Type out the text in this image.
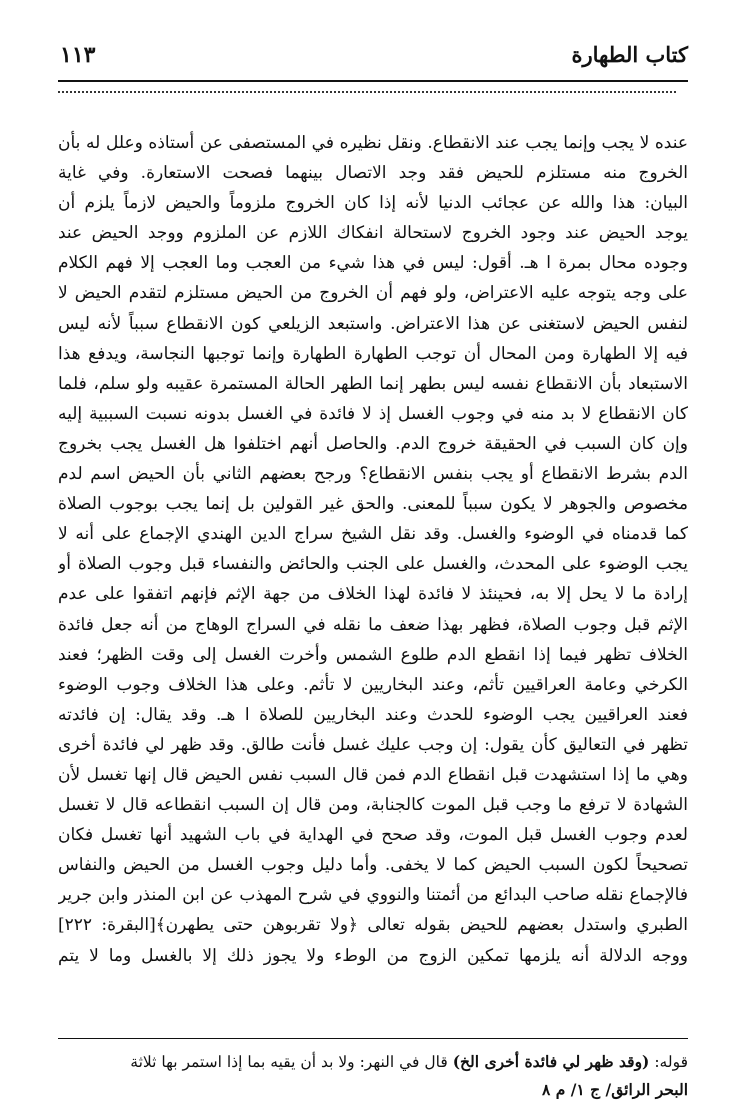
كتاب الطهارة
١١٣
عنده لا يجب وإنما يجب عند الانقطاع. ونقل نظيره في المستصفى عن أستاذه وعلل له بأن
الخروج منه مستلزم للحيض فقد وجد الاتصال بينهما فصحت الاستعارة. وفي غاية
البيان: هذا والله عن عجائب الدنيا لأنه إذا كان الخروج ملزوماً والحيض لازماً يلزم أن
يوجد الحيض عند وجود الخروج لاستحالة انفكاك اللازم عن الملزوم ووجد الحيض عند
وجوده محال بمرة ا هـ. أقول: ليس في هذا شيء من العجب وما العجب إلا فهم الكلام
على وجه يتوجه عليه الاعتراض، ولو فهم أن الخروج من الحيض مستلزم لتقدم الحيض لا
لنفس الحيض لاستغنى عن هذا الاعتراض. واستبعد الزيلعي كون الانقطاع سبباً لأنه ليس
فيه إلا الطهارة ومن المحال أن توجب الطهارة الطهارة وإنما توجبها النجاسة، ويدفع هذا
الاستبعاد بأن الانقطاع نفسه ليس بطهر إنما الطهر الحالة المستمرة عقيبه ولو سلم، فلما
كان الانقطاع لا بد منه في وجوب الغسل إذ لا فائدة في الغسل بدونه نسبت السببية إليه
وإن كان السبب في الحقيقة خروج الدم. والحاصل أنهم اختلفوا هل الغسل يجب بخروج
الدم بشرط الانقطاع أو يجب بنفس الانقطاع؟ ورجح بعضهم الثاني بأن الحيض اسم لدم
مخصوص والجوهر لا يكون سبباً للمعنى. والحق غير القولين بل إنما يجب بوجوب الصلاة
كما قدمناه في الوضوء والغسل. وقد نقل الشيخ سراج الدين الهندي الإجماع على أنه لا
يجب الوضوء على المحدث، والغسل على الجنب والحائض والنفساء قبل وجوب الصلاة أو
إرادة ما لا يحل إلا به، فحينئذ لا فائدة لهذا الخلاف من جهة الإثم فإنهم اتفقوا على عدم
الإثم قبل وجوب الصلاة، فظهر بهذا ضعف ما نقله في السراج الوهاج من أنه جعل فائدة
الخلاف تظهر فيما إذا انقطع الدم طلوع الشمس وأخرت الغسل إلى وقت الظهر؛ فعند
الكرخي وعامة العراقيين تأثم، وعند البخاريين لا تأثم. وعلى هذا الخلاف وجوب الوضوء
فعند العراقيين يجب الوضوء للحدث وعند البخاريين للصلاة ا هـ. وقد يقال: إن فائدته
تظهر في التعاليق كأن يقول: إن وجب عليك غسل فأنت طالق. وقد ظهر لي فائدة أخرى
وهي ما إذا استشهدت قبل انقطاع الدم فمن قال السبب نفس الحيض قال إنها تغسل لأن
الشهادة لا ترفع ما وجب قبل الموت كالجنابة، ومن قال إن السبب انقطاعه قال لا تغسل
لعدم وجوب الغسل قبل الموت، وقد صحح في الهداية في باب الشهيد أنها تغسل فكان
تصحيحاً لكون السبب الحيض كما لا يخفى. وأما دليل وجوب الغسل من الحيض والنفاس
فالإجماع نقله صاحب البدائع من أئمتنا والنووي في شرح المهذب عن ابن المنذر وابن جرير
الطبري واستدل بعضهم للحيض بقوله تعالى ﴿ولا تقربوهن حتى يطهرن﴾[البقرة: ٢٢٢]
ووجه الدلالة أنه يلزمها تمكين الزوج من الوطء ولا يجوز ذلك إلا بالغسل وما لا يتم
قوله: (وقد ظهر لي فائدة أخرى الخ) قال في النهر: ولا بد أن يقيه بما إذا استمر بها ثلاثة
البحر الرائق/ ج ١/ م ٨
